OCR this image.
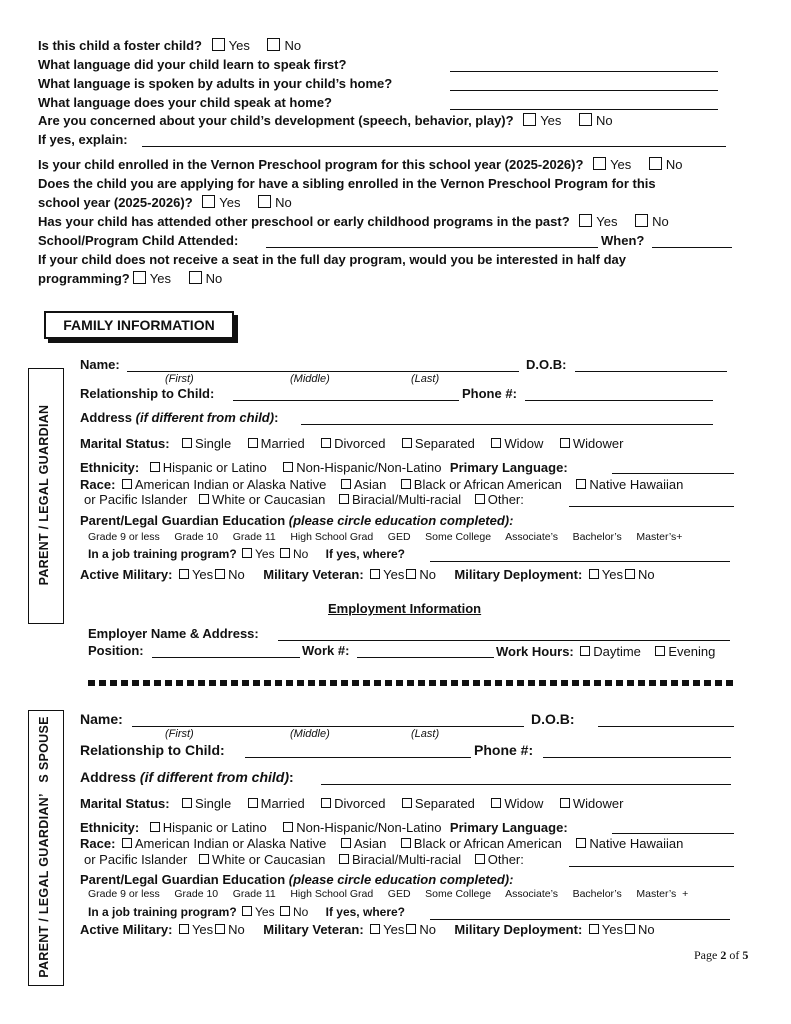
Is this child a foster child? Yes	No
What language did your child learn to speak first?
What language is spoken by adults in your child’s home?
What language does your child speak at home?
Are you concerned about your child’s development (speech, behavior, play)? Yes	No
If yes, explain:
Is your child enrolled in the Vernon Preschool program for this school year (2025-2026)? Yes	No
Does the child you are applying for have a sibling enrolled in the Vernon Preschool Program for this
school year (2025-2026)? Yes	No
Has your child has attended other preschool or early childhood programs in the past? Yes	No
School/Program Child Attended:	When?
If your child does not receive a seat in the full day program, would you be interested in half day
programming? Yes	No
FAMILY INFORMATION
PARENT / LEGAL GUARDIAN
Name:	D.O.B:
(First)	(Middle)	(Last)
Relationship to Child:	Phone #:
Address (if different from child):
Marital Status: Single Married Divorced Separated Widow Widower
Ethnicity: Hispanic or Latino Non-Hispanic/Non-Latino Primary Language:
Race: American Indian or Alaska Native Asian Black or African American Native Hawaiian
or Pacific Islander White or Caucasian Biracial/Multi-racial Other:
Parent/Legal Guardian Education (please circle education completed):
Grade 9 or less     Grade 10     Grade 11     High School Grad     GED     Some College     Associate’s     Bachelor’s     Master’s+
In a job training program? Yes No If yes, where?
Active Military: Yes No Military Veteran: Yes No Military Deployment: Yes No
Employment Information
Employer Name & Address:
Position:	Work #:	Work Hours: Daytime Evening
PARENT / LEGAL GUARDIAN’   S SPOUSE Name:	D.O.B:
(First)	(Middle)	(Last)
Relationship to Child:	Phone #:
Address (if different from child):
Marital Status: Single Married Divorced Separated Widow Widower
Ethnicity: Hispanic or Latino Non-Hispanic/Non-Latino Primary Language:
Race: American Indian or Alaska Native Asian Black or African American Native Hawaiian
or Pacific Islander White or Caucasian Biracial/Multi-racial Other:
Parent/Legal Guardian Education (please circle education completed):
Grade 9 or less     Grade 10     Grade 11     High School Grad     GED     Some College     Associate’s     Bachelor’s     Master’s  +
In a job training program? Yes No If yes, where?
Active Military: Yes No Military Veteran: Yes No Military Deployment: Yes No
Page 2 of 5
